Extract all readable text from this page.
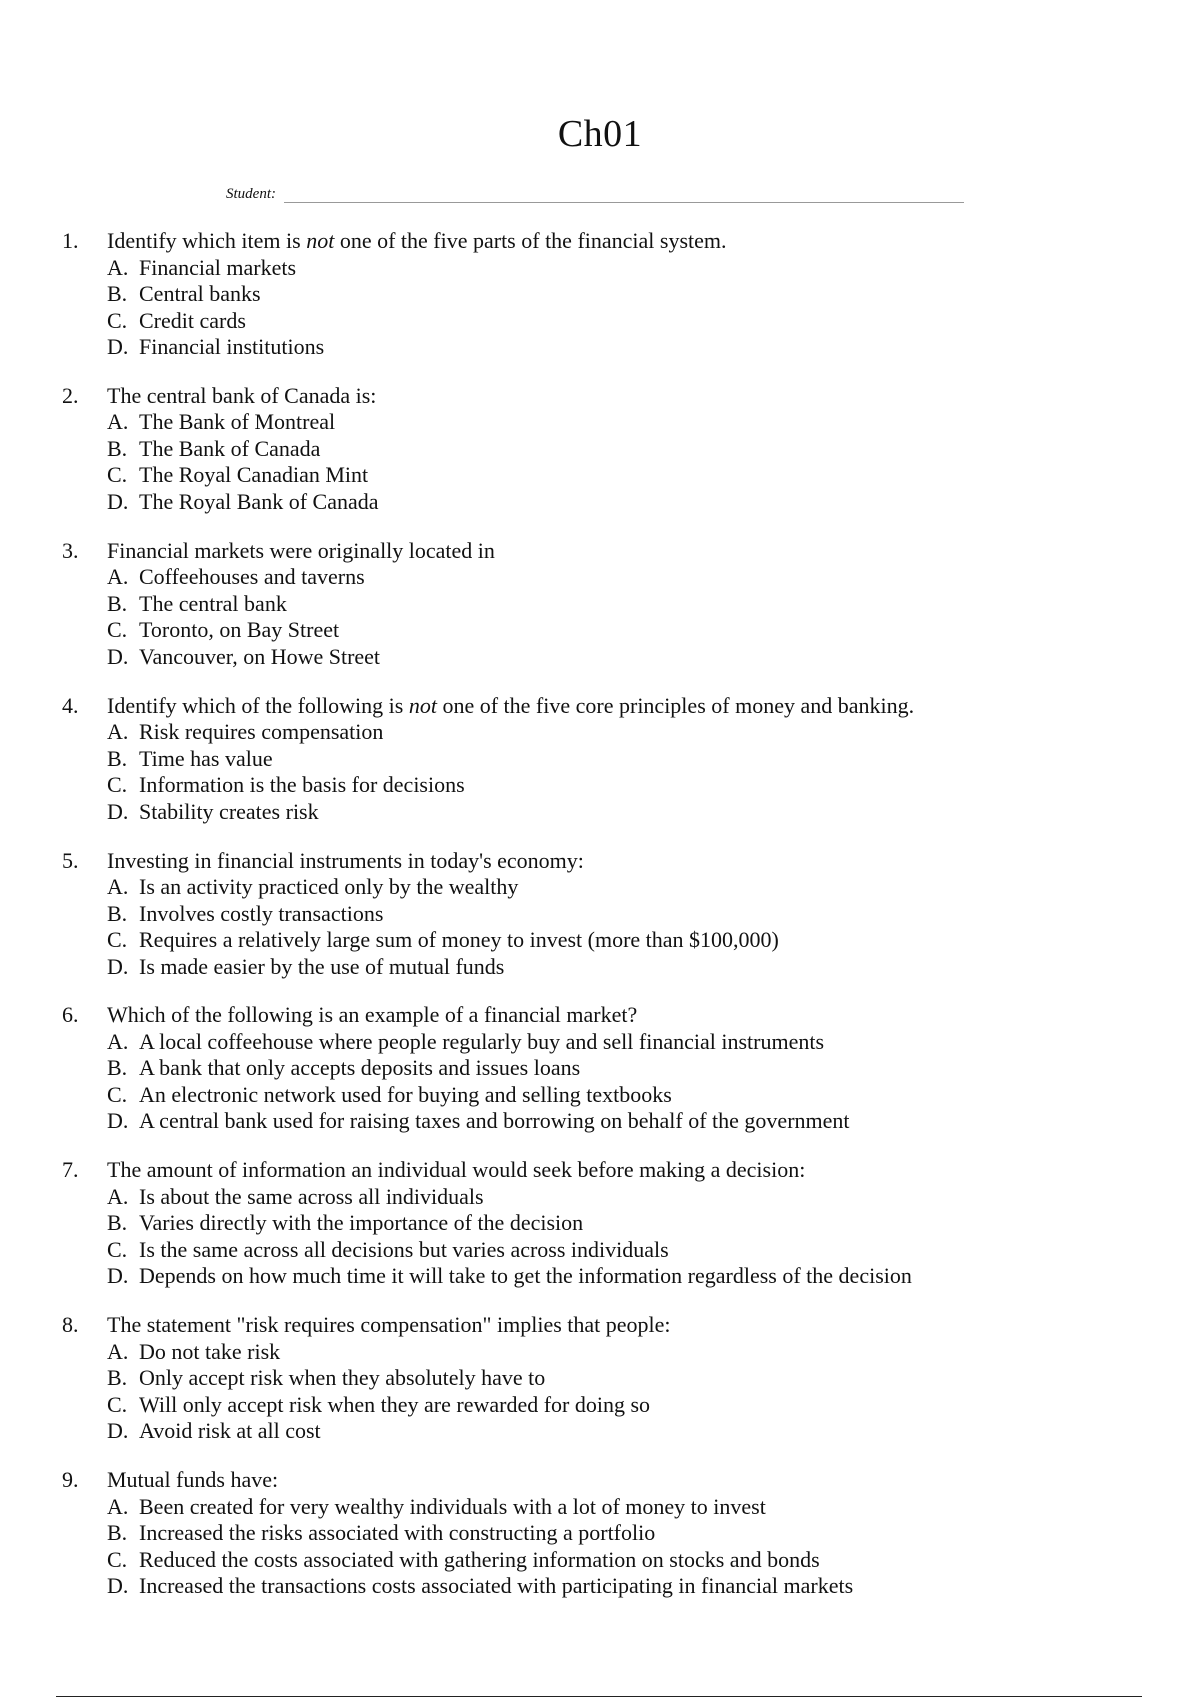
Ch01
Student:
1.	Identify which item is not one of the five parts of the financial system.
A. Financial markets
B. Central banks
C. Credit cards
D. Financial institutions
2.	The central bank of Canada is:
A. The Bank of Montreal
B. The Bank of Canada
C. The Royal Canadian Mint
D. The Royal Bank of Canada
3.	Financial markets were originally located in
A. Coffeehouses and taverns
B. The central bank
C. Toronto, on Bay Street
D. Vancouver, on Howe Street
4.	Identify which of the following is not one of the five core principles of money and banking.
A. Risk requires compensation
B. Time has value
C. Information is the basis for decisions
D. Stability creates risk
5.	Investing in financial instruments in today's economy:
A. Is an activity practiced only by the wealthy
B. Involves costly transactions
C. Requires a relatively large sum of money to invest (more than $100,000)
D. Is made easier by the use of mutual funds
6.	Which of the following is an example of a financial market?
A. A local coffeehouse where people regularly buy and sell financial instruments
B. A bank that only accepts deposits and issues loans
C. An electronic network used for buying and selling textbooks
D. A central bank used for raising taxes and borrowing on behalf of the government
7.	The amount of information an individual would seek before making a decision:
A. Is about the same across all individuals
B. Varies directly with the importance of the decision
C. Is the same across all decisions but varies across individuals
D. Depends on how much time it will take to get the information regardless of the decision
8.	The statement "risk requires compensation" implies that people:
A. Do not take risk
B. Only accept risk when they absolutely have to
C. Will only accept risk when they are rewarded for doing so
D. Avoid risk at all cost
9.	Mutual funds have:
A. Been created for very wealthy individuals with a lot of money to invest
B. Increased the risks associated with constructing a portfolio
C. Reduced the costs associated with gathering information on stocks and bonds
D. Increased the transactions costs associated with participating in financial markets
